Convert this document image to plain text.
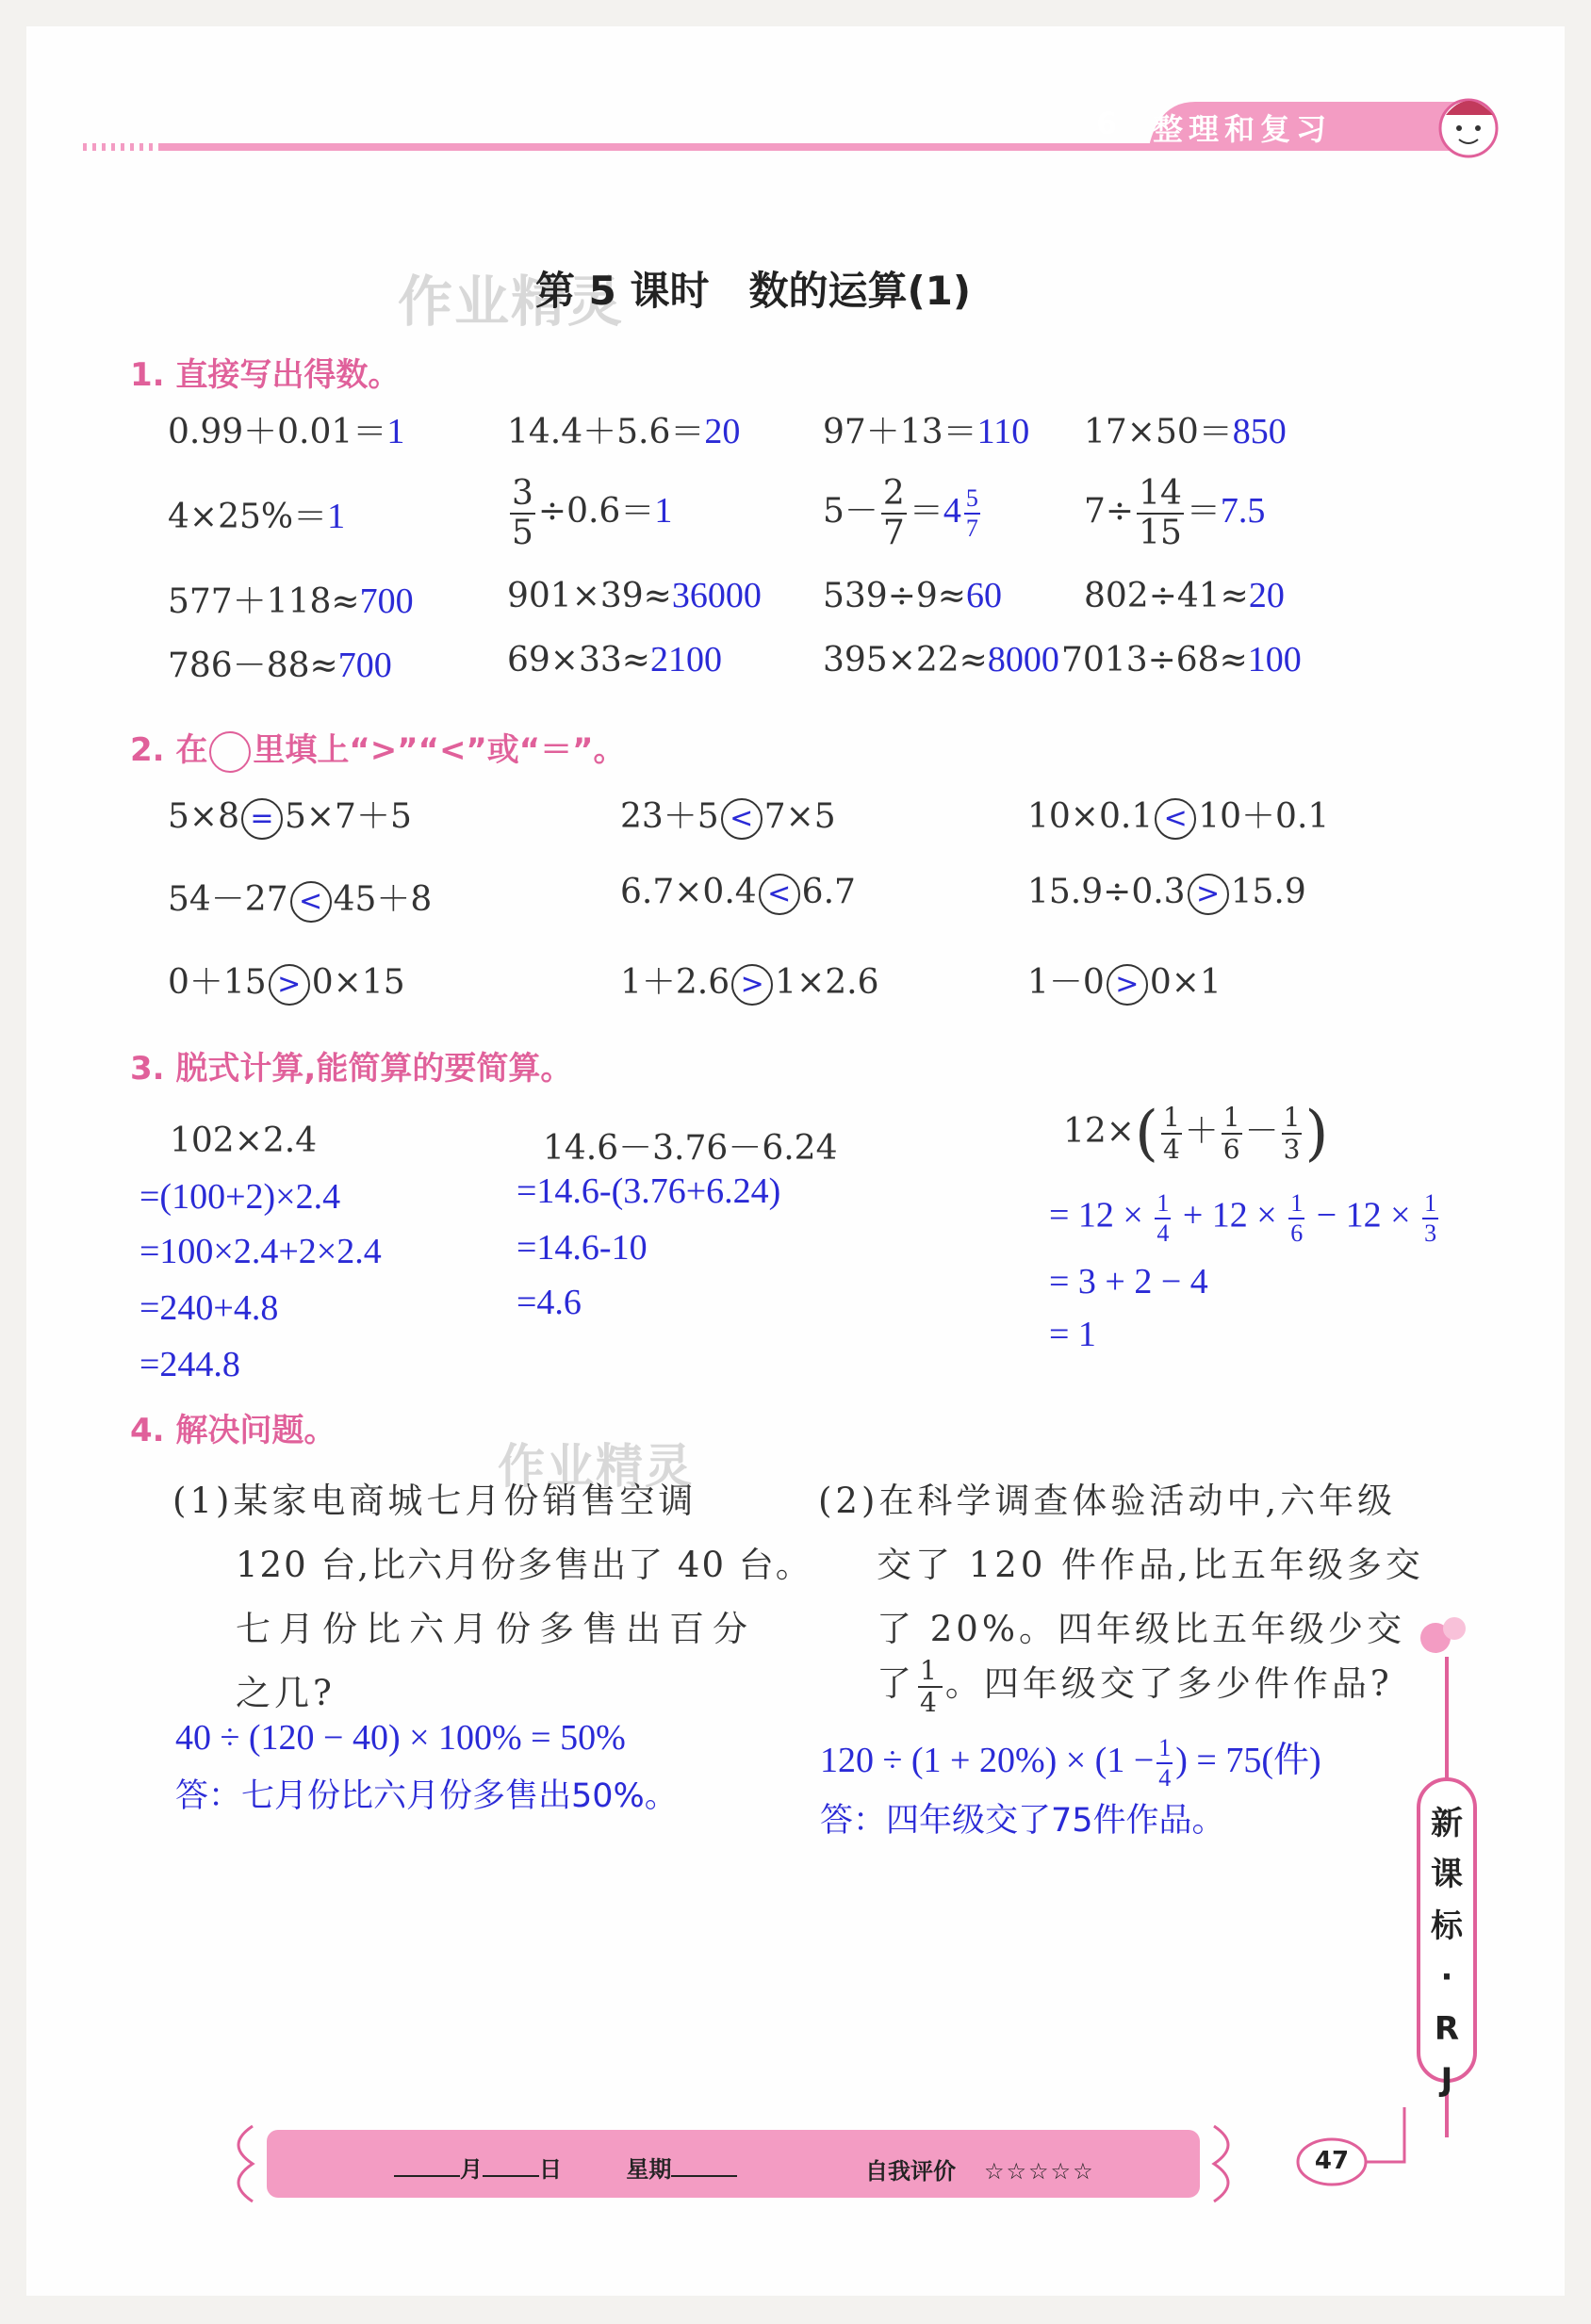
6 整理和复习
作业精灵
第 5 课时　数的运算(1)
1. 直接写出得数。
0.99＋0.01＝1	14.4＋5.6＝20 97＋13＝110 17×50＝850
4×25%＝1	$\frac{3}{5} \div 0.6=1$	$5- \frac{2}{7} =4 \frac{5}{7}$	$7\div \frac{14}{15} =7.5$
577＋118≈700	901×39≈36000 539÷9≈60 802÷41≈20
786－88≈700	69×33≈2100	395×22≈8000 7013÷68≈100
2. 在 里填上“>”“<”或“＝”。
5×8 = 5×7＋5	23＋5 < 7×5	10×0.1 < 10＋0.1
54－27 < 45＋8	6.7×0.4 < 6.7	15.9÷0.3 > 15.9
0＋15 > 0×15	1＋2.6 > 1×2.6	1－0 > 0×1
3. 脱式计算,能简算的要简算。
102×2.4
=(100+2)×2.4
=100×2.4+2×2.4
=240+4.8
=244.8
14.6－3.76－6.24
=14.6-(3.76+6.24)
=14.6-10
=4.6
$12\times( \frac{1}{4} + \frac{1}{6} - \frac{1}{3}$ )
= $12 \times \frac{1}{4} + 12 \times \frac{1}{6} - 12 \times \frac{1}{3}$
= 3 + 2 − 4
= 1
4. 解决问题。
作业精灵
(1)某家电商城七月份销售空调
120 台,比六月份多售出了 40 台。
七月份比六月份多售出百分
之几?
40 ÷ (120 − 40) × 100% = 50%
答：七月份比六月份多售出50%。
(2)在科学调查体验活动中,六年级
交了 120 件作品,比五年级多交
了 20%。四年级比五年级少交
了 $\frac{1}{4}$ 。四年级交了多少件作品?
$120 \div (1 + 20\%) \times (1 - \frac{1}{4}$ ) = 75(件)
答：四年级交了75件作品。	新
课
标
·
R
J
月	日	星期	自我评价 ☆☆☆☆☆	47
